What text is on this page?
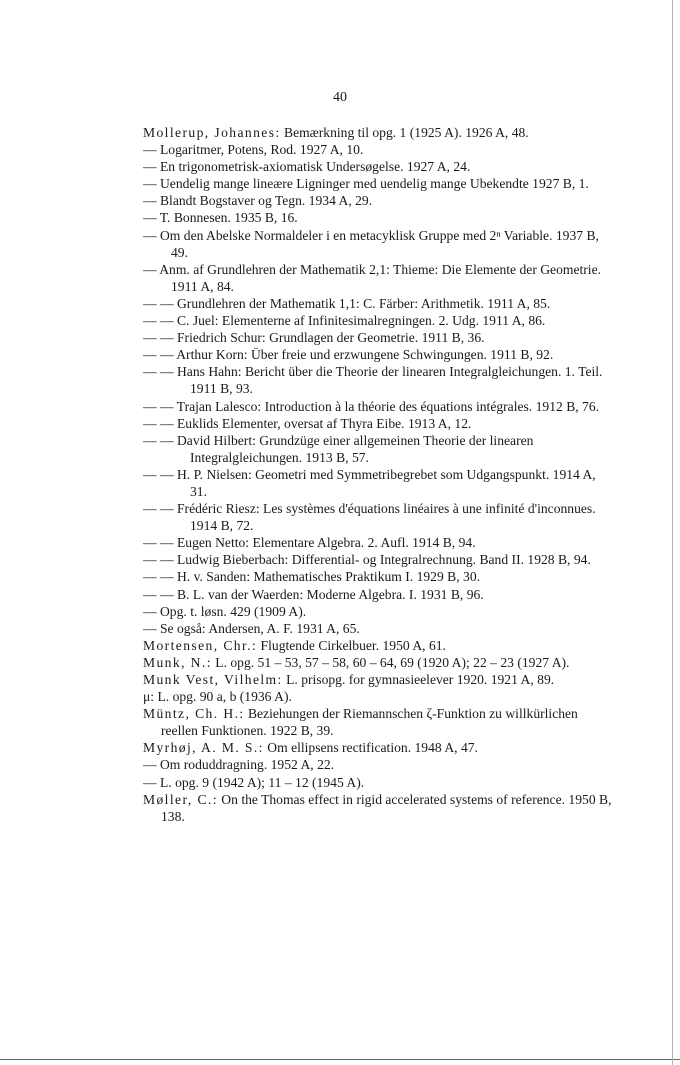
40

Mollerup, Johannes: Bemærkning til opg. 1 (1925 A). 1926 A, 48.

— Logaritmer, Potens, Rod. 1927 A, 10.

— En trigonometrisk-axiomatisk Undersøgelse. 1927 A, 24.

— Uendelig mange lineære Ligninger med uendelig mange Ubekendte 1927 B, 1.

— Blandt Bogstaver og Tegn. 1934 A, 29.

— T. Bonnesen. 1935 B, 16.

— Om den Abelske Normaldeler i en metacyklisk Gruppe med 2ⁿ Variable. 1937 B, 49.

— Anm. af Grundlehren der Mathematik 2,1: Thieme: Die Elemente der Geometrie. 1911 A, 84.

— — Grundlehren der Mathematik 1,1: C. Färber: Arithmetik. 1911 A, 85.

— — C. Juel: Elementerne af Infinitesimalregningen. 2. Udg. 1911 A, 86.

— — Friedrich Schur: Grundlagen der Geometrie. 1911 B, 36.

— — Arthur Korn: Über freie und erzwungene Schwingungen. 1911 B, 92.

— — Hans Hahn: Bericht über die Theorie der linearen Integralgleichungen. 1. Teil. 1911 B, 93.

— — Trajan Lalesco: Introduction à la théorie des équations intégrales. 1912 B, 76.

— — Euklids Elementer, oversat af Thyra Eibe. 1913 A, 12.

— — David Hilbert: Grundzüge einer allgemeinen Theorie der linearen Integralgleichungen. 1913 B, 57.

— — H. P. Nielsen: Geometri med Symmetribegrebet som Udgangspunkt. 1914 A, 31.

— — Frédéric Riesz: Les systèmes d'équations linéaires à une infinité d'inconnues. 1914 B, 72.

— — Eugen Netto: Elementare Algebra. 2. Aufl. 1914 B, 94.

— — Ludwig Bieberbach: Differential- og Integralrechnung. Band II. 1928 B, 94.

— — H. v. Sanden: Mathematisches Praktikum I. 1929 B, 30.

— — B. L. van der Waerden: Moderne Algebra. I. 1931 B, 96.

— Opg. t. løsn. 429 (1909 A).

— Se også: Andersen, A. F. 1931 A, 65.

Mortensen, Chr.: Flugtende Cirkelbuer. 1950 A, 61.

Munk, N.: L. opg. 51 – 53, 57 – 58, 60 – 64, 69 (1920 A); 22 – 23 (1927 A).

Munk Vest, Vilhelm: L. prisopg. for gymnasieelever 1920. 1921 A, 89.

μ: L. opg. 90 a, b (1936 A).

Müntz, Ch. H.: Beziehungen der Riemannschen ζ-Funktion zu willkürlichen reellen Funktionen. 1922 B, 39.

Myrhøj, A. M. S.: Om ellipsens rectification. 1948 A, 47.

— Om roduddragning. 1952 A, 22.

— L. opg. 9 (1942 A); 11 – 12 (1945 A).

Møller, C.: On the Thomas effect in rigid accelerated systems of reference. 1950 B, 138.
